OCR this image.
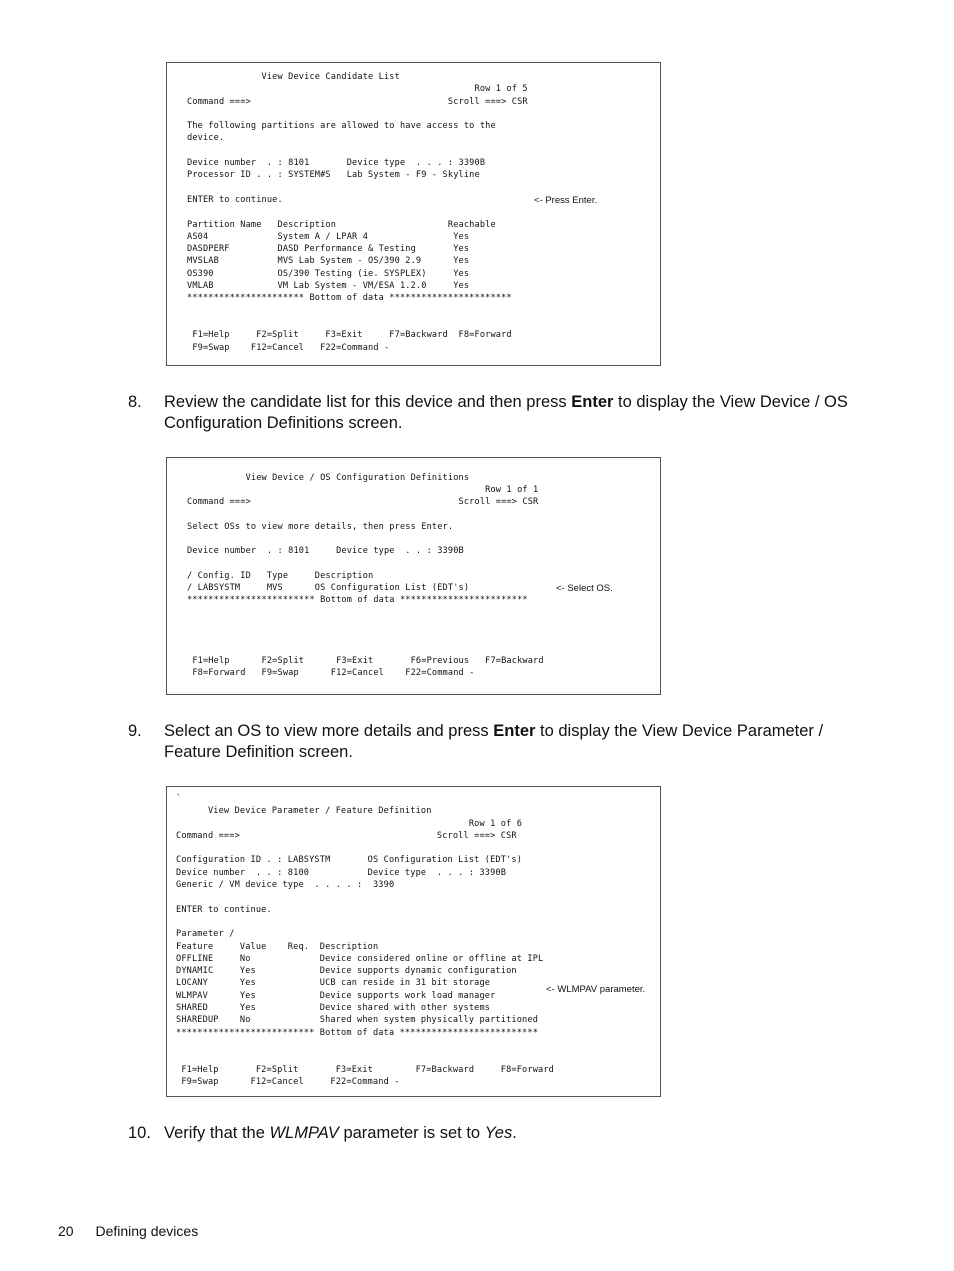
View Device Candidate List
Row 1 of 5
Command ===>                                     Scroll ===> CSR

The following partitions are allowed to have access to the
device.

Device number  . : 8101       Device type  . . . : 3390B
Processor ID . . : SYSTEM#S   Lab System - F9 - Skyline

ENTER to continue.

Partition Name   Description                     Reachable
AS04             System A / LPAR 4                Yes
DASDPERF         DASD Performance & Testing       Yes
MVSLAB           MVS Lab System - OS/390 2.9      Yes
OS390            OS/390 Testing (ie. SYSPLEX)     Yes
VMLAB            VM Lab System - VM/ESA 1.2.0     Yes
********************** Bottom of data ***********************

F1=Help     F2=Split     F3=Exit     F7=Backward  F8=Forward
F9=Swap    F12=Cancel   F22=Command -
<- Press Enter.
8. Review the candidate list for this device and then press Enter to display the View Device / OS Configuration Definitions screen.
View Device / OS Configuration Definitions
Row 1 of 1
Command ===>                                       Scroll ===> CSR

Select OSs to view more details, then press Enter.

Device number  . : 8101     Device type  . . : 3390B

/ Config. ID   Type     Description
/ LABSYSTM     MVS      OS Configuration List (EDT's)
************************ Bottom of data ************************

F1=Help      F2=Split      F3=Exit       F6=Previous   F7=Backward
F8=Forward   F9=Swap      F12=Cancel    F22=Command -
<- Select OS.
9. Select an OS to view more details and press Enter to display the View Device Parameter / Feature Definition screen.
`
View Device Parameter / Feature Definition
Row 1 of 6
Command ===>                                     Scroll ===> CSR

Configuration ID . : LABSYSTM       OS Configuration List (EDT's)
Device number  . . : 8100           Device type  . . . : 3390B
Generic / VM device type  . . . . :  3390

ENTER to continue.

Parameter /
Feature     Value    Req.  Description
OFFLINE     No             Device considered online or offline at IPL
DYNAMIC     Yes            Device supports dynamic configuration
LOCANY      Yes            UCB can reside in 31 bit storage
WLMPAV      Yes            Device supports work load manager
SHARED      Yes            Device shared with other systems
SHAREDUP    No             Shared when system physically partitioned
************************** Bottom of data **************************

F1=Help       F2=Split       F3=Exit        F7=Backward     F8=Forward
F9=Swap      F12=Cancel     F22=Command -
<- WLMPAV parameter.
10. Verify that the WLMPAV parameter is set to Yes.
20 Defining devices
